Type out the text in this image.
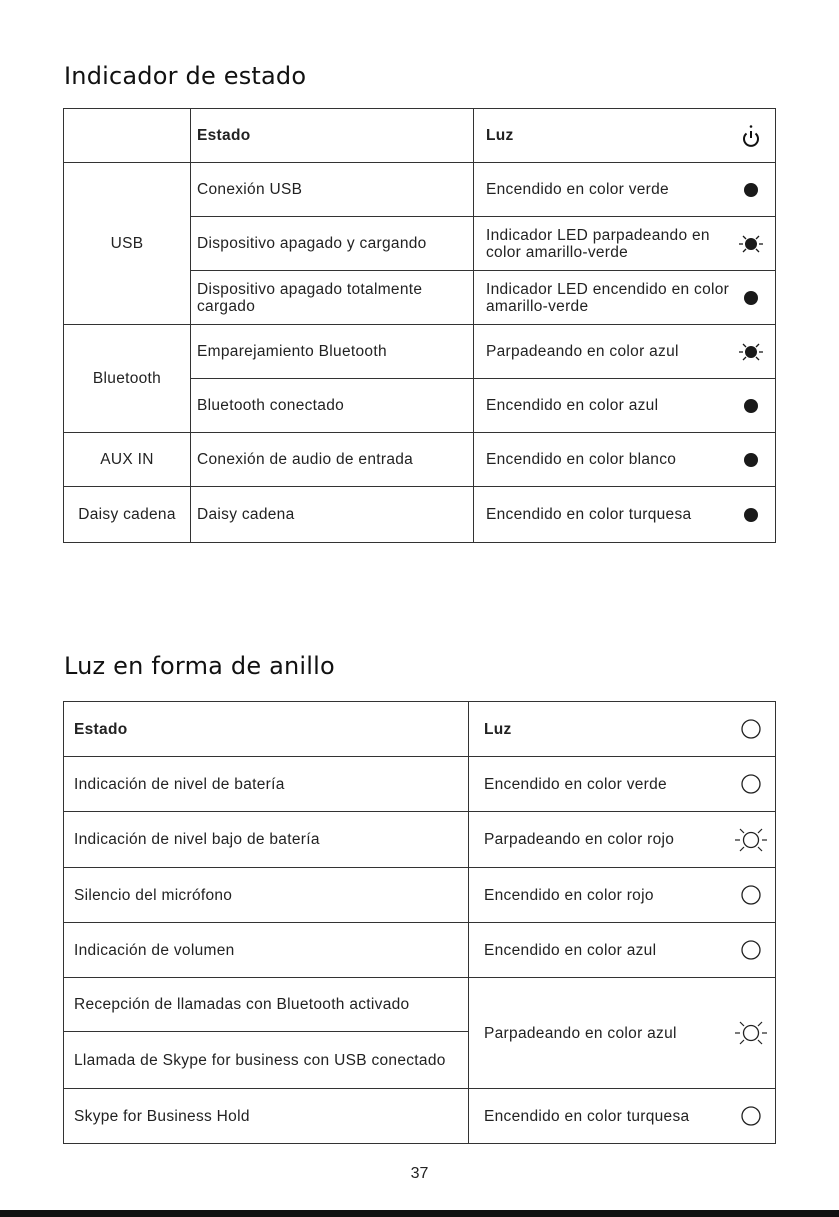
Indicador de estado
	Estado	Luz

USB	Conexión USB	Encendido en color verde

	Dispositivo apagado y cargando	Indicador LED parpadeando en color amarillo-verde

	Dispositivo apagado totalmente cargado	Indicador LED encendido en color amarillo-verde

Bluetooth	Emparejamiento Bluetooth	Parpadeando en color azul

	Bluetooth conectado	Encendido en color azul

AUX IN	Conexión de audio de entrada	Encendido en color blanco

Daisy cadena	Daisy cadena	Encendido en color turquesa
Luz en forma de anillo
Estado	Luz

Indicación de nivel de batería	Encendido en color verde

Indicación de nivel bajo de batería	Parpadeando en color rojo

Silencio del micrófono	Encendido en color rojo

Indicación de volumen	Encendido en color azul

Recepción de llamadas con Bluetooth activado	Parpadeando en color azul

Llamada de Skype for business con USB conectado	
Skype for Business Hold	Encendido en color turquesa
37
